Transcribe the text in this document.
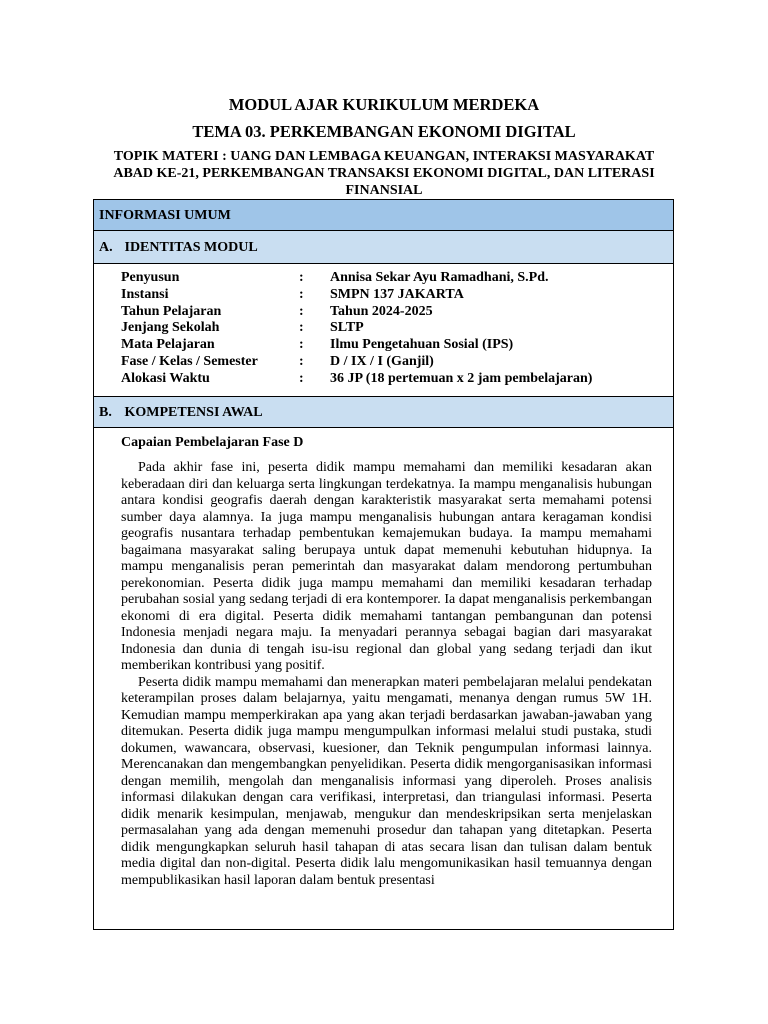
MODUL AJAR KURIKULUM MERDEKA
TEMA 03. PERKEMBANGAN EKONOMI DIGITAL
TOPIK MATERI : UANG DAN LEMBAGA KEUANGAN, INTERAKSI MASYARAKAT ABAD KE-21, PERKEMBANGAN TRANSAKSI EKONOMI DIGITAL, DAN LITERASI FINANSIAL
INFORMASI UMUM
A. IDENTITAS MODUL
Penyusun	:	Annisa Sekar Ayu Ramadhani, S.Pd.
Instansi	:	SMPN 137 JAKARTA
Tahun Pelajaran	:	Tahun 2024-2025
Jenjang Sekolah	:	SLTP
Mata Pelajaran	:	Ilmu Pengetahuan Sosial (IPS)
Fase / Kelas / Semester	:	D / IX / I (Ganjil)
Alokasi Waktu	:	36 JP (18 pertemuan x 2 jam pembelajaran)
B. KOMPETENSI AWAL
Capaian Pembelajaran Fase D

Pada akhir fase ini, peserta didik mampu memahami dan memiliki kesadaran akan keberadaan diri dan keluarga serta lingkungan terdekatnya. Ia mampu menganalisis hubungan antara kondisi geografis daerah dengan karakteristik masyarakat serta memahami potensi sumber daya alamnya. Ia juga mampu menganalisis hubungan antara keragaman kondisi geografis nusantara terhadap pembentukan kemajemukan budaya. Ia mampu memahami bagaimana masyarakat saling berupaya untuk dapat memenuhi kebutuhan hidupnya. Ia mampu menganalisis peran pemerintah dan masyarakat dalam mendorong pertumbuhan perekonomian. Peserta didik juga mampu memahami dan memiliki kesadaran terhadap perubahan sosial yang sedang terjadi di era kontemporer. Ia dapat menganalisis perkembangan ekonomi di era digital. Peserta didik memahami tantangan pembangunan dan potensi Indonesia menjadi negara maju. Ia menyadari perannya sebagai bagian dari masyarakat Indonesia dan dunia di tengah isu-isu regional dan global yang sedang terjadi dan ikut memberikan kontribusi yang positif.

Peserta didik mampu memahami dan menerapkan materi pembelajaran melalui pendekatan keterampilan proses dalam belajarnya, yaitu mengamati, menanya dengan rumus 5W 1H. Kemudian mampu memperkirakan apa yang akan terjadi berdasarkan jawaban-jawaban yang ditemukan. Peserta didik juga mampu mengumpulkan informasi melalui studi pustaka, studi dokumen, wawancara, observasi, kuesioner, dan Teknik pengumpulan informasi lainnya. Merencanakan dan mengembangkan penyelidikan. Peserta didik mengorganisasikan informasi dengan memilih, mengolah dan menganalisis informasi yang diperoleh. Proses analisis informasi dilakukan dengan cara verifikasi, interpretasi, dan triangulasi informasi. Peserta didik menarik kesimpulan, menjawab, mengukur dan mendeskripsikan serta menjelaskan permasalahan yang ada dengan memenuhi prosedur dan tahapan yang ditetapkan. Peserta didik mengungkapkan seluruh hasil tahapan di atas secara lisan dan tulisan dalam bentuk media digital dan non-digital. Peserta didik lalu mengomunikasikan hasil temuannya dengan mempublikasikan hasil laporan dalam bentuk presentasi
